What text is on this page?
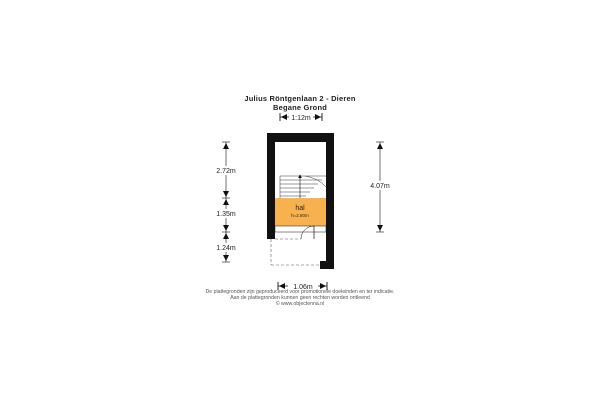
Julius Röntgenlaan 2 - Dieren
Begane Grond
1:12m
hal
h=2.80m
2.72m
1.35m
1.24m
4.07m
1.06m
De plattegronden zijn geproduceerd voor promotionele doeleinden en ter indicatie.
Aan de plattegronden kunnen geen rechten worden ontleend
© www.objectenna.nl
